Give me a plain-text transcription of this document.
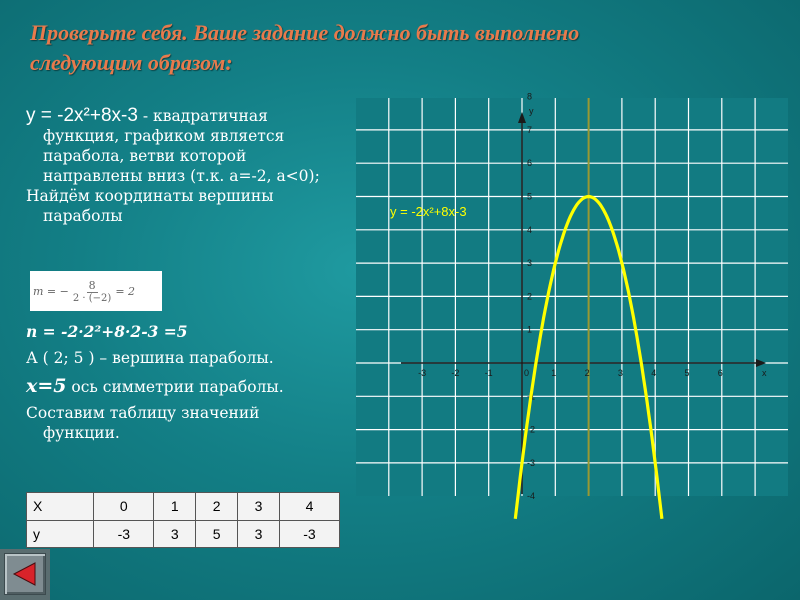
Проверьте себя. Ваше задание должно быть выполнено
следующим образом:

y = -2x²+8x-3 - квадратичная

функция, графиком является

парабола, ветви которой

направлены вниз (т.к. а=-2, а<0);

Найдём координаты вершины

параболы

m = − $\frac{8}{2 \cdot (-2)} = 2$

n = -2·2²+8·2-3 =5

А ( 2; 5 ) – вершина параболы.

x=5 ось симметрии параболы.

Составим таблицу значений

функции.

X	0	1	2	3	4
y	-3	3	5	3	-3
-3	-2	-1	0 1	2	3	4	5	6
-4
-3
-2
-1
1
2
3
4
5
6
7
8
x
y
y = -2x²+8x-3
